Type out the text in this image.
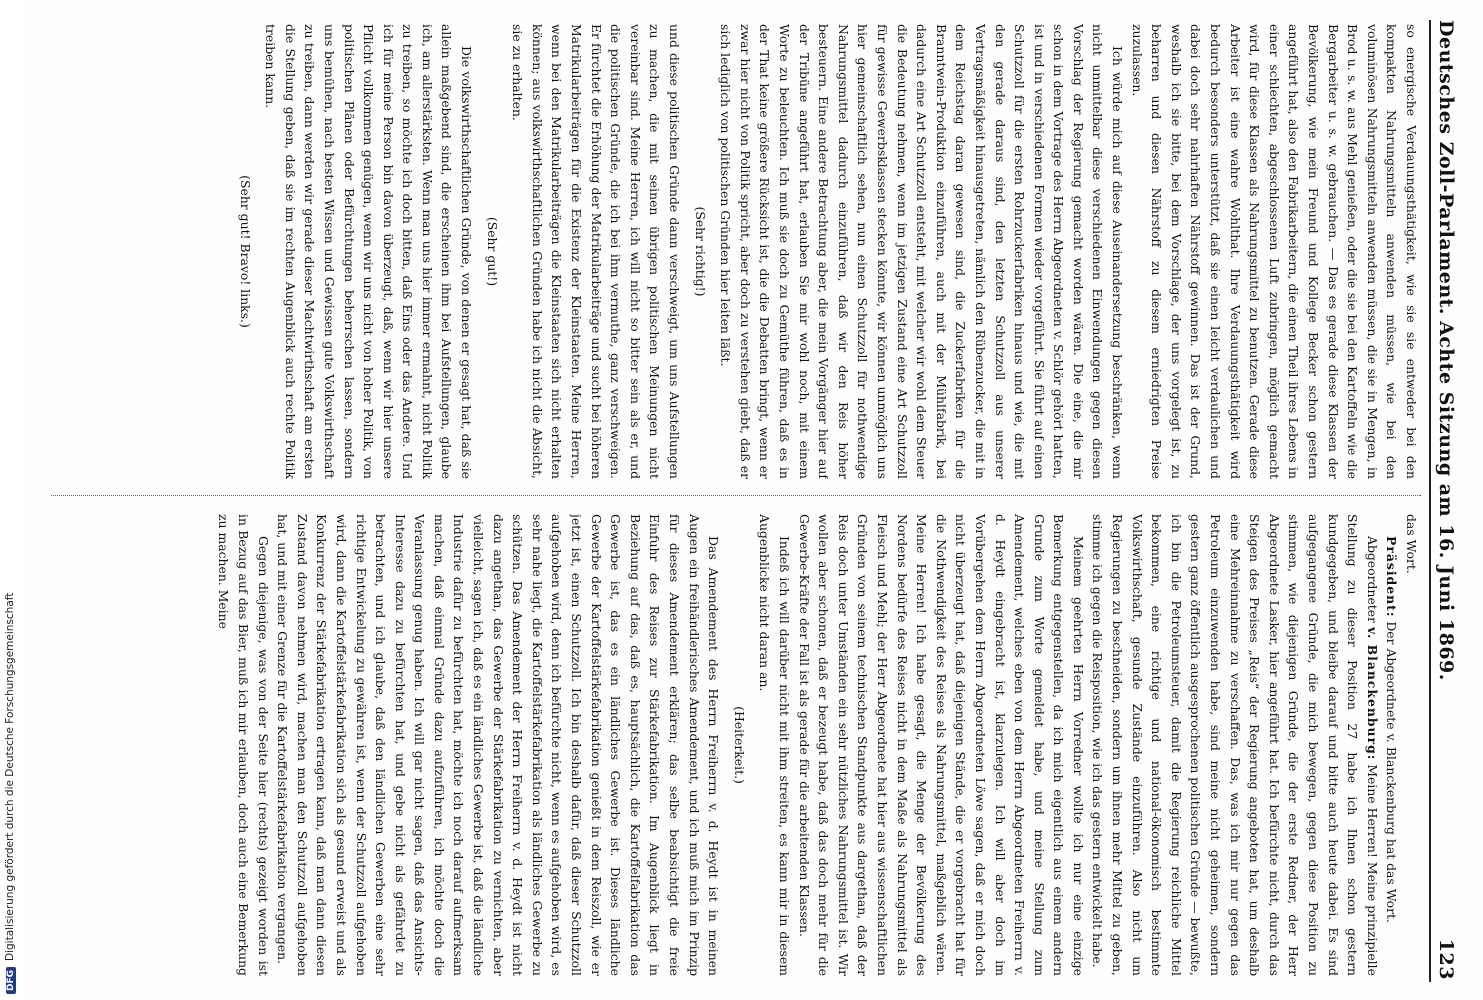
DFGDigitalisierung gefördert durch die Deutsche Forschungsgemeinschaft
Deutsches Zoll-Parlament.
Achte Sitzung am 16. Juni 1869.
123

so energische Verdauungsthätigkeit, wie sie sie entweder bei den kompakten Nahrungsmitteln anwenden müssen, wie bei den voluminösen Nahrungsmitteln anwenden müssen, die sie in Mengen, in Brod u. s. w. aus Mehl genießen, oder die sie bei den Kartoffeln wie die Bergarbeiter u. s. w. gebrauchen. — Das es gerade diese Klassen der Bevölkerung, wie mein Freund und Kollege Becker schon gestern angeführt hat, also den Fabrikarbeitern, die einen Theil ihres Lebens in einer schlechten, abgeschlossenen Luft zubringen, möglich gemacht wird, für diese Klassen als Nahrungsmittel zu benutzen. Gerade diese Arbeiter ist eine wahre Wohlthat. Ihre Verdauungsthätigkeit wird bedurch besonders unterstützt, daß sie einen leicht verdaulichen und dabei doch sehr nahrhaften Nährstoff gewinnen. Das ist der Grund, weshalb ich sie bitte, bei dem Vorschlage, der uns vorgelegt ist, zu beharren und diesen Nährstoff zu diesem erniedrigten Preise zuzulassen.

Ich würde mich auf diese Auseinandersetzung beschränken, wenn nicht unmittelbar diese verschiedenen Einwendungen gegen diesen Vorschlag der Regierung gemacht worden wären. Die eine, die mir schon in dem Vortrage des Herrn Abgeordneten v. Schlör gehört hatten, ist und in verschiedenen Formen wieder vorgeführt. Sie führt auf einen Schutzzoll für die ersten Rohrzuckerfabriken hinaus und wie, die mit den gerade daraus sind, den letzten Schutzzoll aus unserer Vertragsmäßigkeit hinausgetreten, nämlich den Rübenzucker, die mit in dem Reichstag daran gewesen sind, die Zuckerfabriken für die Branntwein-Produktion einzuführen, auch mit der Mühlfabrik, bei dadurch eine Art Schutzzoll entsteht, mit welcher wir wohl dem Steuer die Bedeutung nehmen, wenn im jetzigen Zustand eine Art Schutzzoll für gewisse Gewerbsklassen stecken könnte, wir können unmöglich uns hier gemeinschaftlich sehen, nun einen Schutzzoll für nothwendige Nahrungsmittel dadurch einzuführen, daß wir den Reis höher besteuern. Eine andere Betrachtung aber, die mein Vorgänger hier auf der Tribüne angeführt hat, erlauben Sie mir wohl noch, mit einem Worte zu beleuchten. Ich muß sie doch zu Gemüthe führen, daß es in der That keine größere Rücksicht ist, die die Debatten bringt, wenn er zwar hier nicht von Politik spricht, aber doch zu verstehen giebt, daß er sich lediglich von politischen Gründen hier leiten läßt.

(Sehr richtig!)

und diese politischen Gründe dann verschweigt, um uns Aufstellungen zu machen, die mit seinen übrigen politischen Meinungen nicht vereinbar sind. Meine Herren, ich will nicht so bitter sein als er, und die politischen Gründe, die ich bei ihm vermuthe, ganz verschweigen. Er fürchtet die Erhöhung der Matrikularbeiträge und sucht bei höheren Matrikularbeiträgen für die Existenz der Kleinstaaten. Meine Herren, wenn bei den Matrikularbeiträgen die Kleinstaaten sich nicht erhalten können; aus volkswirthschaftlichen Gründen habe ich nicht die Absicht, sie zu erhalten.

(Sehr gut!)

Die volkswirthschaftlichen Gründe, von denen er gesagt hat, daß sie allein maßgebend sind, die erscheinen ihm bei Aufstellungen, glaube ich, am allerstärksten. Wenn man uns hier immer ermahnt, nicht Politik zu treiben, so möchte ich doch bitten, daß Eins oder das Andere. Und ich für meine Person bin davon überzeugt, daß, wenn wir hier unsere Pflicht vollkommen genügen, wenn wir uns nicht von hoher Politik, von politischen Plänen oder Befürchtungen beherrschen lassen, sondern uns bemühen, nach besten Wissen und Gewissen gute Volkswirthschaft zu treiben, dann werden wir gerade dieser Machtwirthschaft am ersten die Stellung geben, daß sie im rechten Augenblick auch rechte Politik treiben kann.

(Sehr gut! Bravo! links.)

das Wort.

Präsident: Der Abgeordnete v. Blanckenburg hat das Wort.

Abgeordneter v. Blanckenburg: Meine Herren! Meine prinzipielle Stellung zu dieser Position 27 habe ich Ihnen schon gestern kundgegeben, und bleibe darauf und bitte auch heute dabei. Es sind aufgegangene Gründe, die mich bewegen, gegen diese Position zu stimmen, wie diejenigen Gründe, die der erste Redner, der Herr Abgeordnete Lasker, hier angeführt hat. Ich befürchte nicht, durch das Steigen des Preises „Reis“ der Regierung angeboten hat, um deshalb eine Mehreinnahme zu verschaffen. Das, was ich mir nur gegen das Petroleum einzuwenden habe, sind meine nicht geheimen, sondern gestern ganz öffentlich ausgesprochenen politischen Gründe — bewußte, ich bin die Petroleumsteuer, damit die Regierung reichliche Mittel bekommen, eine richtige und national-ökonomisch bestimmte Volkswirthschaft, gesunde Zustände einzuführen. Also nicht um Regierungen zu beschneiden, sondern um ihnen mehr Mittel zu geben, stimme ich gegen die Reisposition, wie ich das gestern entwickelt habe.

Meinem geehrten Herrn Vorredner wollte ich nur eine einzige Bemerkung entgegenstellen, da ich mich eigentlich aus einem andern Grunde zum Worte gemeldet habe, und meine Stellung zum Amendement, welches eben von dem Herrn Abgeordneten Freiherrn v. d. Heydt eingebracht ist, klarzulegen. Ich will aber doch im Vorübergehen dem Herrn Abgeordneten Löwe sagen, daß er mich doch nicht überzeugt hat, daß diejenigen Stände, die er vorgebracht hat für die Nothwendigkeit des Reises als Nahrungsmittel, maßgeblich wären. Meine Herren! Ich habe gesagt, die Menge der Bevölkerung des Nordens bedürfe des Reises nicht in dem Maße als Nahrungsmittel als Fleisch und Mehl; der Herr Abgeordnete hat hier aus wissenschaftlichen Gründen von seinem technischen Standpunkte aus dargethan, daß der Reis doch unter Umständen ein sehr nützliches Nahrungsmittel ist. Wir wollen aber schonen, daß er bezeugt habe, daß das doch mehr für die Gewerbe-Kräfte der Fall ist als gerade für die arbeitenden Klassen.

Indeß ich will darüber nicht mit ihm streiten, es kann mir in diesem Augenblicke nicht daran an.

(Heiterkeit.)

Das Amendement des Herrn Freiherrn v. d. Heydt ist in meinen Augen ein freihändlerisches Amendement, und ich muß mich im Prinzip für dieses Amendement erklären; das selbe beabsichtigt die freie Einfuhr des Reises zur Stärkefabrikation. Im Augenblick liegt in Beziehung auf das, daß es, hauptsächlich, die Kartoffelfabrikation das Gewerbe ist, das es ein ländliches Gewerbe ist. Dieses ländliche Gewerbe der Kartoffelstärkefabrikation genießt in dem Reiszoll, wie er jetzt ist, einen Schutzzoll. Ich bin deshalb dafür, daß dieser Schutzzoll aufgehoben wird, denn ich befürchte nicht, wenn es aufgehoben wird, es sehr nahe liegt, die Kartoffelstärkefabrikation als ländliches Gewerbe zu schützen. Das Amendement der Herrn Freiherrn v. d. Heydt ist nicht dazu angethan, das Gewerbe der Stärkefabrikation zu vernichten, aber vielleicht, sagen ich, daß es ein ländliches Gewerbe ist, daß die ländliche Industrie dafür zu befürchten hat, möchte ich noch darauf aufmerksam machen, daß einmal Gründe dazu aufzuführen, ich möchte doch die Veranlassung genug haben. Ich will gar nicht sagen, daß das Ansichts-Interesse dazu zu befürchten hat, und gebe nicht als gefährdet zu betrachten, und ich glaube, daß den ländlichen Gewerben eine sehr richtige Entwickelung zu gewähren ist, wenn der Schutzzoll aufgehoben wird, dann die Kartoffelstärkefabrikation sich als gesund erweist und als Konkurrenz der Stärkefabrikation ertragen kann, daß man dann diesen Zustand davon nehmen wird, machen man den Schutzzoll aufgehoben hat, und mit einer Grenze für die Kartoffelstärkefabrikation vergangen.

Gegen diejenige, was von der Seite hier (rechts) gezeigt worden ist in Bezug auf das Bier, muß ich mir erlauben, doch auch eine Bemerkung zu machen. Meine
